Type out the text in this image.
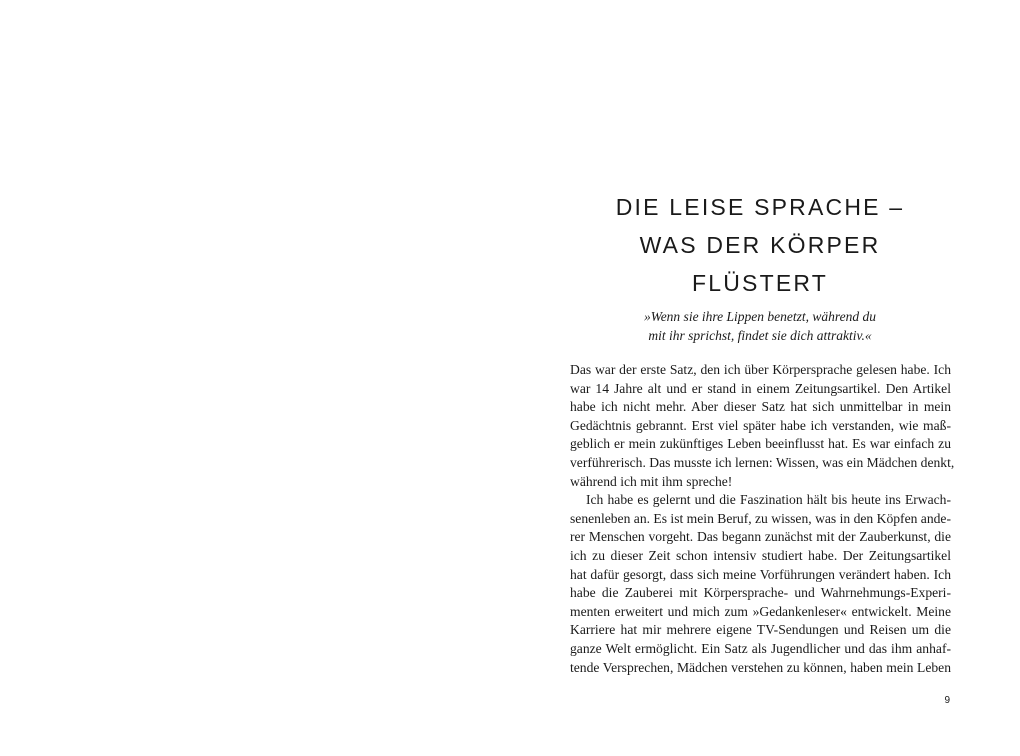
DIE LEISE SPRACHE –
WAS DER KÖRPER FLÜSTERT

»Wenn sie ihre Lippen benetzt, während du
mit ihr sprichst, findet sie dich attraktiv.«

Das war der erste Satz, den ich über Körpersprache gelesen habe. Ich
war 14 Jahre alt und er stand in einem Zeitungsartikel. Den Artikel
habe ich nicht mehr. Aber dieser Satz hat sich unmittelbar in mein
Gedächtnis gebrannt. Erst viel später habe ich verstanden, wie maß-
geblich er mein zukünftiges Leben beeinflusst hat. Es war einfach zu
verführerisch. Das musste ich lernen: Wissen, was ein Mädchen denkt,
während ich mit ihm spreche!
Ich habe es gelernt und die Faszination hält bis heute ins Erwach-
senenleben an. Es ist mein Beruf, zu wissen, was in den Köpfen ande-
rer Menschen vorgeht. Das begann zunächst mit der Zauberkunst, die
ich zu dieser Zeit schon intensiv studiert habe. Der Zeitungsartikel
hat dafür gesorgt, dass sich meine Vorführungen verändert haben. Ich
habe die Zauberei mit Körpersprache- und Wahrnehmungs-Experi-
menten erweitert und mich zum »Gedankenleser« entwickelt. Meine
Karriere hat mir mehrere eigene TV-Sendungen und Reisen um die
ganze Welt ermöglicht. Ein Satz als Jugendlicher und das ihm anhaf-
tende Versprechen, Mädchen verstehen zu können, haben mein Leben
9
